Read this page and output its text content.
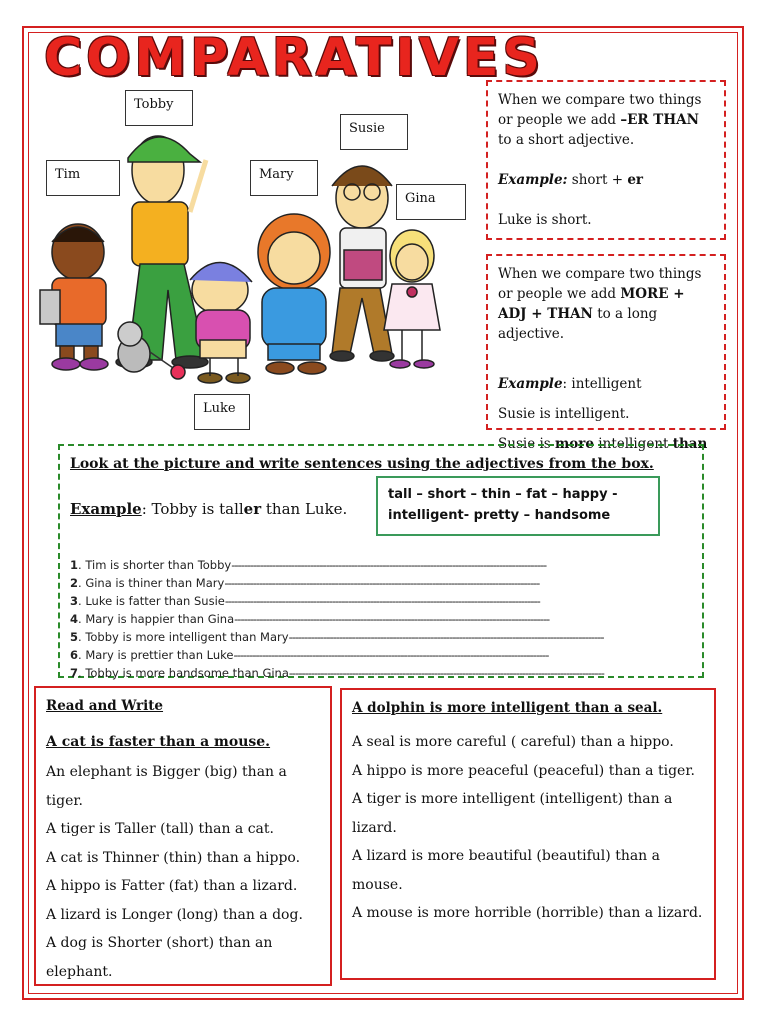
COMPARATIVES
Tobby
Susie
Tim	Mary
Gina
Luke

When we compare two things or people we add –ER THAN to a short adjective.

Example: short + er

Luke is short.

When we compare two things or people we add MORE + ADJ + THAN to a long adjective.

Example: intelligent

Susie is intelligent.

Susie is more intelligent than

Look at the picture and write sentences using the adjectives from the box.
Example: Tobby is taller than Luke.
tall – short – thin – fat – happy -
intelligent- pretty – handsome
1. Tim is shorter than Tobby----------------------------------------------------------------------------------------------------
2. Gina is thiner than Mary----------------------------------------------------------------------------------------------------
3. Luke is fatter than Susie----------------------------------------------------------------------------------------------------
4. Mary is happier than Gina----------------------------------------------------------------------------------------------------
5. Tobby is more intelligent than Mary----------------------------------------------------------------------------------------------------
6. Mary is prettier than Luke----------------------------------------------------------------------------------------------------
7. Tobby is more handsome than Gina----------------------------------------------------------------------------------------------------

Read and Write

A cat is faster than a mouse.

An elephant is Bigger (big) than a tiger.

A tiger is Taller (tall) than a cat.

A cat is Thinner (thin) than a hippo.

A hippo is Fatter (fat) than a lizard.

A lizard is Longer (long) than a dog.

A dog is Shorter (short) than an

elephant.

A dolphin is more intelligent than a seal.

A seal is more careful ( careful) than a hippo.

A hippo is more peaceful (peaceful) than a tiger.

A tiger is more intelligent (intelligent) than a lizard.

A lizard is more beautiful (beautiful) than a mouse.

A mouse is more horrible (horrible) than a lizard.
